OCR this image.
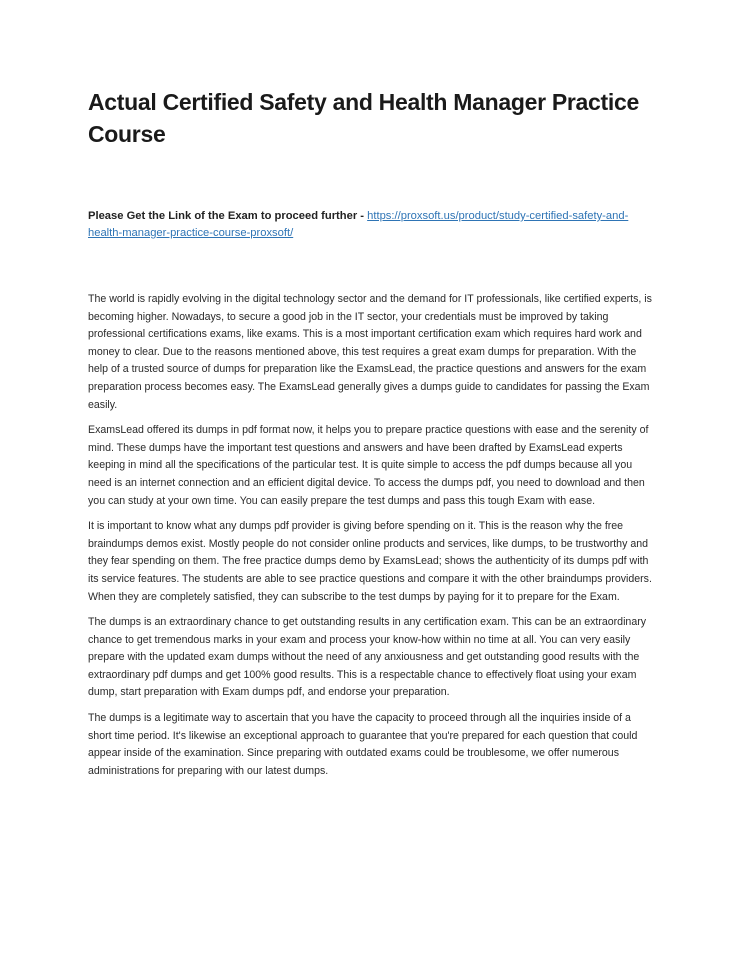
Actual Certified Safety and Health Manager Practice Course
Please Get the Link of the Exam to proceed further - https://proxsoft.us/product/study-certified-safety-and-health-manager-practice-course-proxsoft/

The world is rapidly evolving in the digital technology sector and the demand for IT professionals, like certified experts, is becoming higher. Nowadays, to secure a good job in the IT sector, your credentials must be improved by taking professional certifications exams, like exams. This is a most important certification exam which requires hard work and money to clear. Due to the reasons mentioned above, this test requires a great exam dumps for preparation. With the help of a trusted source of dumps for preparation like the ExamsLead, the practice questions and answers for the exam preparation process becomes easy. The ExamsLead generally gives a dumps guide to candidates for passing the Exam easily.

ExamsLead offered its dumps in pdf format now, it helps you to prepare practice questions with ease and the serenity of mind. These dumps have the important test questions and answers and have been drafted by ExamsLead experts keeping in mind all the specifications of the particular test. It is quite simple to access the pdf dumps because all you need is an internet connection and an efficient digital device. To access the dumps pdf, you need to download and then you can study at your own time. You can easily prepare the test dumps and pass this tough Exam with ease.

It is important to know what any dumps pdf provider is giving before spending on it. This is the reason why the free braindumps demos exist. Mostly people do not consider online products and services, like dumps, to be trustworthy and they fear spending on them. The free practice dumps demo by ExamsLead; shows the authenticity of its dumps pdf with its service features. The students are able to see practice questions and compare it with the other braindumps providers. When they are completely satisfied, they can subscribe to the test dumps by paying for it to prepare for the Exam.

The dumps is an extraordinary chance to get outstanding results in any certification exam. This can be an extraordinary chance to get tremendous marks in your exam and process your know-how within no time at all. You can very easily prepare with the updated exam dumps without the need of any anxiousness and get outstanding good results with the extraordinary pdf dumps and get 100% good results. This is a respectable chance to effectively float using your exam dump, start preparation with Exam dumps pdf, and endorse your preparation.

The dumps is a legitimate way to ascertain that you have the capacity to proceed through all the inquiries inside of a short time period. It's likewise an exceptional approach to guarantee that you're prepared for each question that could appear inside of the examination. Since preparing with outdated exams could be troublesome, we offer numerous administrations for preparing with our latest dumps.
